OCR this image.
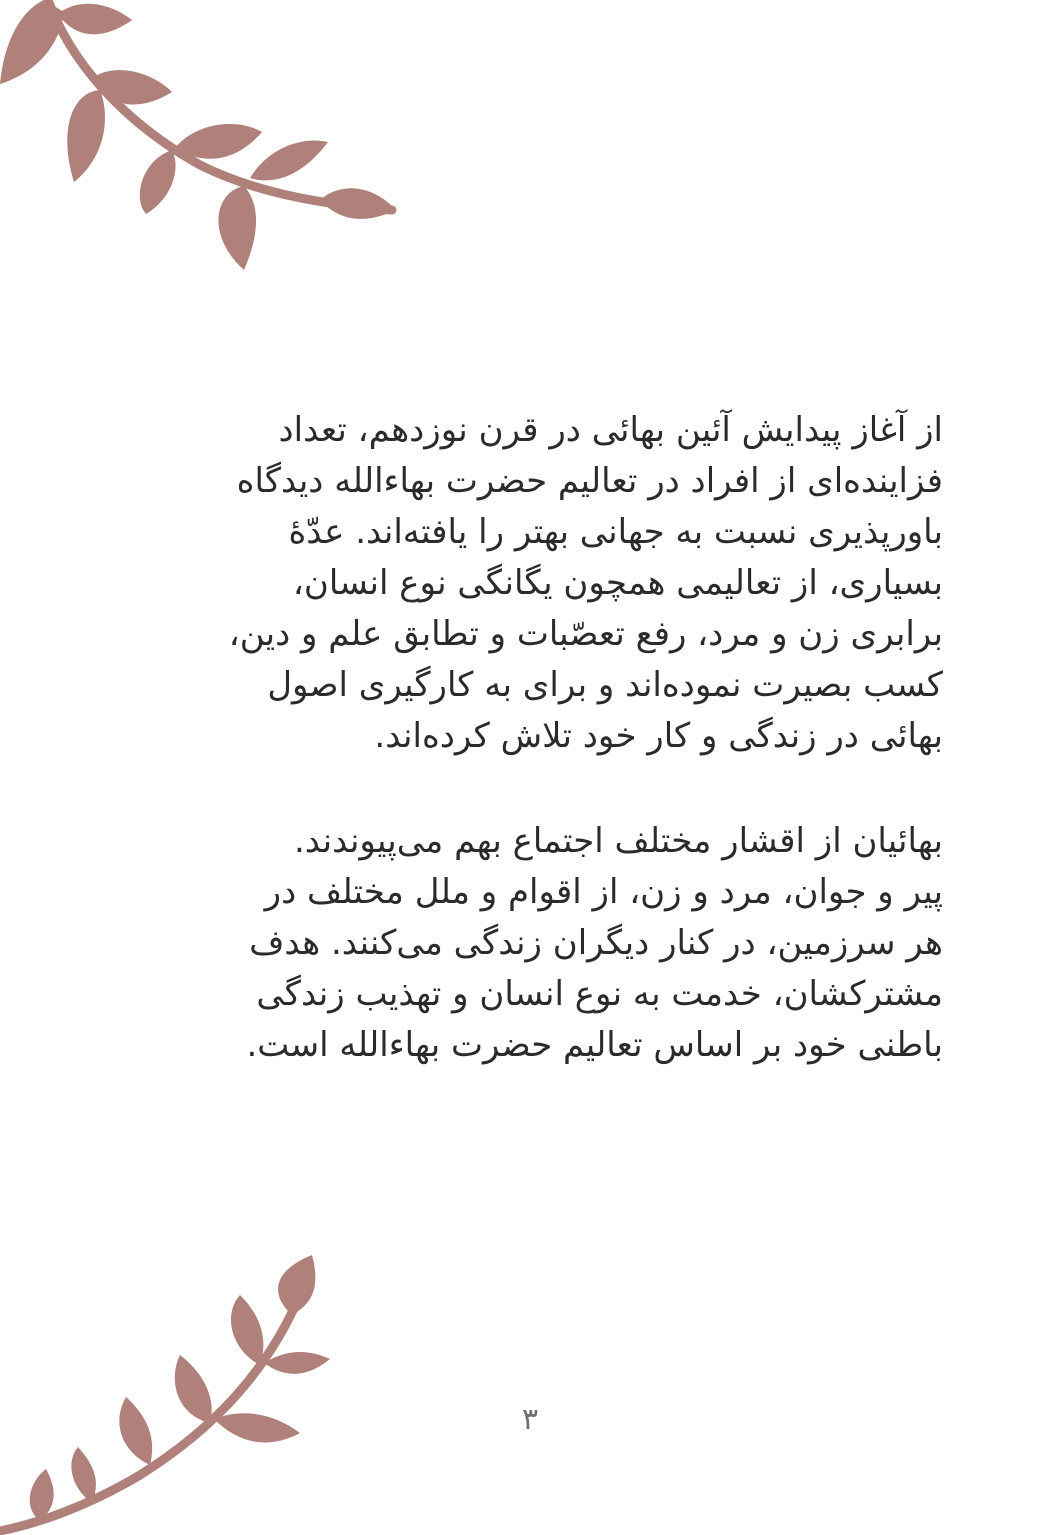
از آغاز پیدایش آئین بهائی در قرن نوزدهم، تعداد
فزاینده‌ای از افراد در تعالیم حضرت بهاءالله دیدگاه
باورپذیری نسبت به جهانی بهتر را یافته‌اند. عدّۀ
بسیاری، از تعالیمی همچون یگانگی نوع انسان،
برابری زن و مرد، رفع تعصّبات و تطابق علم و دین،
کسب بصیرت نموده‌اند و برای به کارگیری اصول
بهائی در زندگی و کار خود تلاش کرده‌اند.

بهائیان از اقشار مختلف اجتماع بهم می‌پیوندند.
پیر و جوان، مرد و زن، از اقوام و ملل مختلف در
هر سرزمین، در کنار دیگران زندگی می‌کنند. هدف
مشترکشان، خدمت به نوع انسان و تهذیب زندگی
باطنی خود بر اساس تعالیم حضرت بهاءالله است.

۳
